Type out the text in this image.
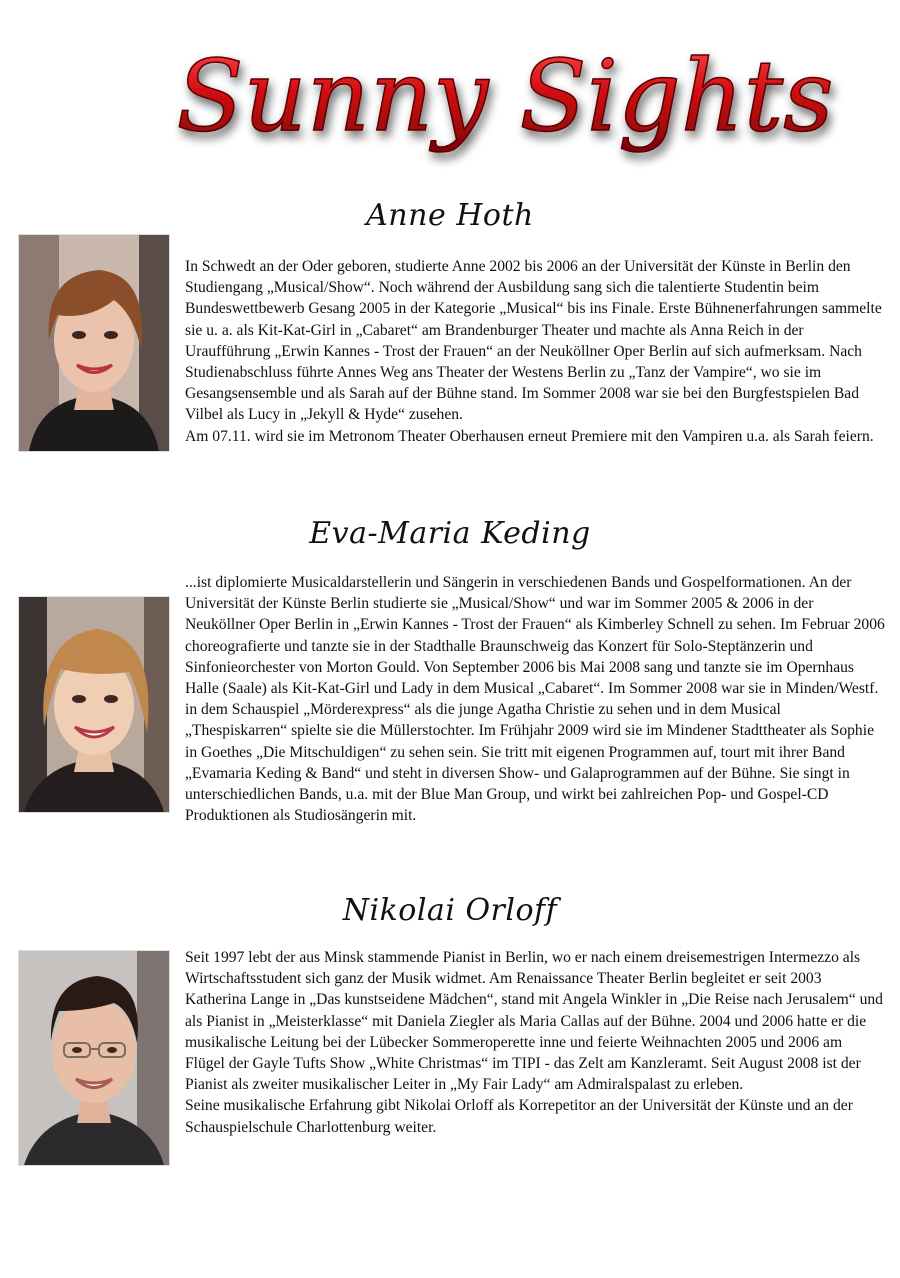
Sunny Sights
Anne Hoth
In Schwedt an der Oder geboren, studierte Anne 2002 bis 2006 an der Universität der Künste in Berlin den Studiengang „Musical/Show“. Noch während der Ausbildung sang sich die talentierte Studentin beim Bundeswettbewerb Gesang 2005 in der Kategorie „Musical“ bis ins Finale. Erste Bühnenerfahrungen sammelte sie u. a. als Kit-Kat-Girl in „Cabaret“ am Brandenburger Theater und machte als Anna Reich in der Uraufführung „Erwin Kannes - Trost der Frauen“ an der Neuköllner Oper Berlin auf sich aufmerksam. Nach Studienabschluss führte Annes Weg ans Theater der Westens Berlin zu „Tanz der Vampire“, wo sie im Gesangsensemble und als Sarah auf der Bühne stand. Im Sommer 2008 war sie bei den Burgfestspielen Bad Vilbel als Lucy in „Jekyll & Hyde“ zusehen.
Am 07.11. wird sie im Metronom Theater Oberhausen erneut Premiere mit den Vampiren u.a. als Sarah feiern.
Eva-Maria Keding
...ist diplomierte Musicaldarstellerin und Sängerin in verschiedenen Bands und Gospelformationen. An der Universität der Künste Berlin studierte sie „Musical/Show“ und war im Sommer 2005 & 2006 in der Neuköllner Oper Berlin in „Erwin Kannes - Trost der Frauen“ als Kimberley Schnell zu sehen. Im Februar 2006 choreografierte und tanzte sie in der Stadthalle Braunschweig das Konzert für Solo-Steptänzerin und Sinfonieorchester von Morton Gould. Von September 2006 bis Mai 2008 sang und tanzte sie im Opernhaus Halle (Saale) als Kit-Kat-Girl und Lady in dem Musical „Cabaret“. Im Sommer 2008 war sie in Minden/Westf. in dem Schauspiel „Mörderexpress“ als die junge Agatha Christie zu sehen und in dem Musical „Thespiskarren“ spielte sie die Müllerstochter. Im Frühjahr 2009 wird sie im Mindener Stadttheater als Sophie in Goethes „Die Mitschuldigen“ zu sehen sein. Sie tritt mit eigenen Programmen auf, tourt mit ihrer Band „Evamaria Keding & Band“ und steht in diversen Show- und Galaprogrammen auf der Bühne. Sie singt in unterschiedlichen Bands, u.a. mit der Blue Man Group, und wirkt bei zahlreichen Pop- und Gospel-CD Produktionen als Studiosängerin mit.
Nikolai Orloff
Seit 1997 lebt der aus Minsk stammende Pianist in Berlin, wo er nach einem dreisemestrigen Intermezzo als Wirtschaftsstudent sich ganz der Musik widmet. Am Renaissance Theater Berlin begleitet er seit 2003 Katherina Lange in „Das kunstseidene Mädchen“, stand mit Angela Winkler in „Die Reise nach Jerusalem“ und als Pianist in „Meisterklasse“ mit Daniela Ziegler als Maria Callas auf der Bühne. 2004 und 2006 hatte er die musikalische Leitung bei der Lübecker Sommeroperette inne und feierte Weihnachten 2005 und 2006 am Flügel der Gayle Tufts Show „White Christmas“ im TIPI - das Zelt am Kanzleramt. Seit August 2008 ist der Pianist als zweiter musikalischer Leiter in „My Fair Lady“ am Admiralspalast zu erleben.
Seine musikalische Erfahrung gibt Nikolai Orloff als Korrepetitor an der Universität der Künste und an der Schauspielschule Charlottenburg weiter.
